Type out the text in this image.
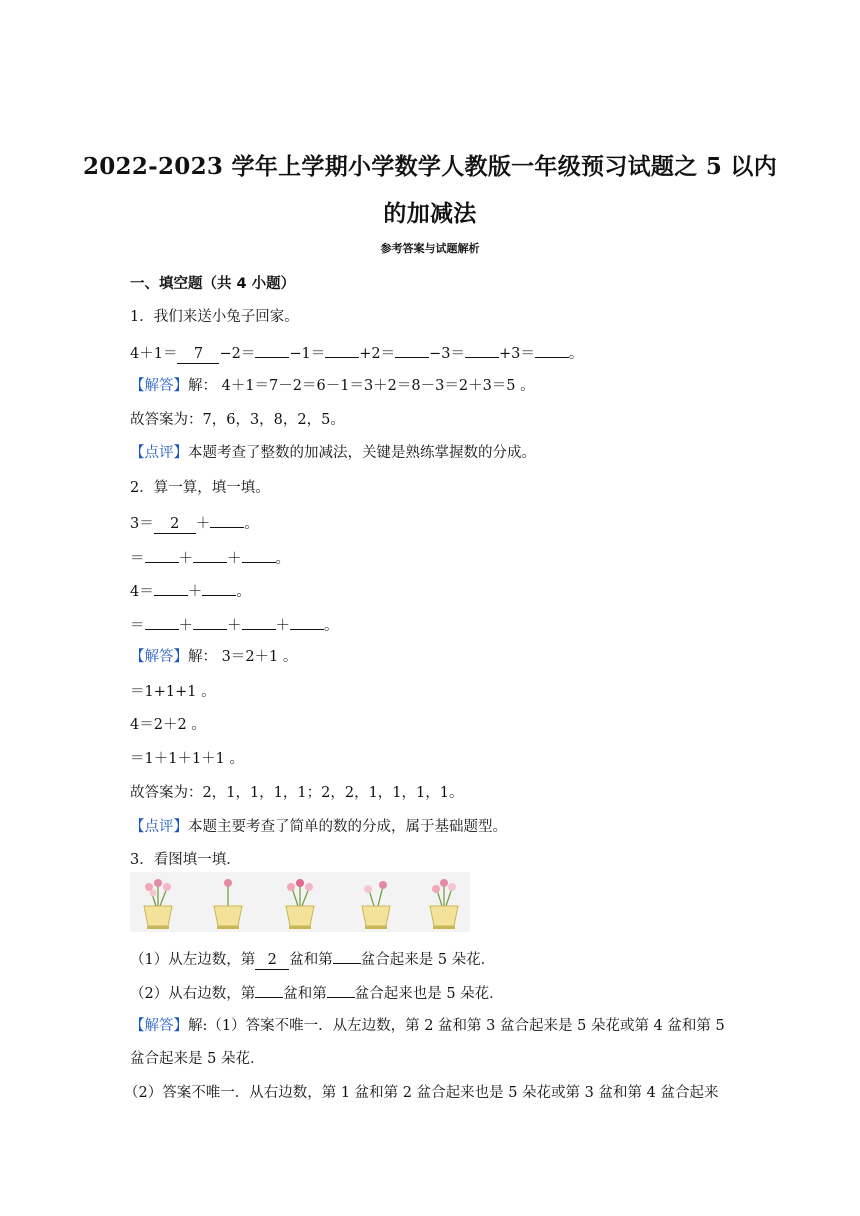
2022-2023 学年上学期小学数学人教版一年级预习试题之 5 以内
的加减法
参考答案与试题解析
一、填空题（共 4 小题）
1．我们来送小兔子回家。
4＋1＝ 7 −2＝ −1＝ +2＝ −3＝ +3＝ 。
【解答】解： 4＋1＝7－2＝6－1＝3＋2＝8－3＝2＋3＝5 。
故答案为：7，6，3，8，2，5。
【点评】本题考查了整数的加减法，关键是熟练掌握数的分成。
2．算一算，填一填。
3＝ 2 ＋ 。
＝ ＋ ＋ 。
4＝ ＋ 。
＝ ＋ ＋ ＋ 。
【解答】解： 3＝2＋1 。
＝1+1+1 。
4＝2＋2 。
＝1＋1＋1＋1 。
故答案为：2，1，1，1，1；2，2，1，1，1，1。
【点评】本题主要考查了简单的数的分成，属于基础题型。
3．看图填一填．
（1）从左边数，第 2 盆和第 盆合起来是 5 朵花．
（2）从右边数，第 盆和第 盆合起来也是 5 朵花．
【解答】解:（1）答案不唯一．从左边数，第 2 盆和第 3 盆合起来是 5 朵花或第 4 盆和第 5
盆合起来是 5 朵花．
（2）答案不唯一．从右边数，第 1 盆和第 2 盆合起来也是 5 朵花或第 3 盆和第 4 盆合起来
